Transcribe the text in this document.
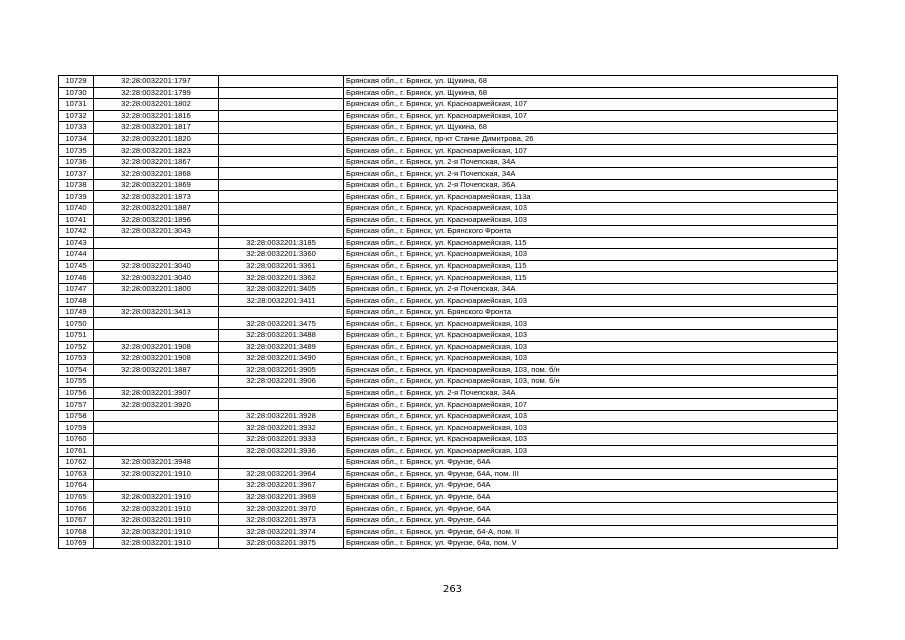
10729	32:28:0032201:1797		Брянская обл., г. Брянск, ул. Щукина, 68
10730	32:28:0032201:1799		Брянская обл., г. Брянск, ул. Щукина, 68
10731	32:28:0032201:1802		Брянская обл., г. Брянск, ул. Красноармейская, 107
10732	32:28:0032201:1816		Брянская обл., г. Брянск, ул. Красноармейская, 107
10733	32:28:0032201:1817		Брянская обл., г. Брянск, ул. Щукина, 68
10734	32:28:0032201:1820		Брянская обл., г. Брянск, пр-кт Станке Димитрова, 26
10735	32:28:0032201:1823		Брянская обл., г. Брянск, ул. Красноармейская, 107
10736	32:28:0032201:1867		Брянская обл., г. Брянск, ул. 2-я Почепская, 34А
10737	32:28:0032201:1868		Брянская обл., г. Брянск, ул. 2-я Почепская, 34А
10738	32:28:0032201:1869		Брянская обл., г. Брянск, ул. 2-я Почепская, 36А
10739	32:28:0032201:1873		Брянская обл., г. Брянск, ул. Красноармейская, 113а
10740	32:28:0032201:1887		Брянская обл., г. Брянск, ул. Красноармейская, 103
10741	32:28:0032201:1896		Брянская обл., г. Брянск, ул. Красноармейская, 103
10742	32:28:0032201:3043		Брянская обл., г. Брянск, ул. Брянского Фронта
10743		32:28:0032201:3185	Брянская обл., г. Брянск, ул. Красноармейская, 115
10744		32:28:0032201:3360	Брянская обл., г. Брянск, ул. Красноармейская, 103
10745	32:28:0032201:3040	32:28:0032201:3361	Брянская обл., г. Брянск, ул. Красноармейская, 115
10746	32:28:0032201:3040	32:28:0032201:3362	Брянская обл., г. Брянск, ул. Красноармейская, 115
10747	32:28:0032201:1800	32:28:0032201:3405	Брянская обл., г. Брянск, ул. 2-я Почепская, 34А
10748		32:28:0032201:3411	Брянская обл., г. Брянск, ул. Красноармейская, 103
10749	32:28:0032201:3413		Брянская обл., г. Брянск, ул. Брянского Фронта
10750		32:28:0032201:3475	Брянская обл., г. Брянск, ул. Красноармейская, 103
10751		32:28:0032201:3488	Брянская обл., г. Брянск, ул. Красноармейская, 103
10752	32:28:0032201:1908	32:28:0032201:3489	Брянская обл., г. Брянск, ул. Красноармейская, 103
10753	32:28:0032201:1908	32:28:0032201:3490	Брянская обл., г. Брянск, ул. Красноармейская, 103
10754	32:28:0032201:1887	32:28:0032201:3905	Брянская обл., г. Брянск, ул. Красноармейская, 103, пом. б/н
10755		32:28:0032201:3906	Брянская обл., г. Брянск, ул. Красноармейская, 103, пом. б/н
10756	32:28:0032201:3907		Брянская обл., г. Брянск, ул. 2-я Почепская, 34А
10757	32:28:0032201:3920		Брянская обл., г. Брянск, ул. Красноармейская, 107
10758		32:28:0032201:3928	Брянская обл., г. Брянск, ул. Красноармейская, 103
10759		32:28:0032201:3932	Брянская обл., г. Брянск, ул. Красноармейская, 103
10760		32:28:0032201:3933	Брянская обл., г. Брянск, ул. Красноармейская, 103
10761		32:28:0032201:3936	Брянская обл., г. Брянск, ул. Красноармейская, 103
10762	32:28:0032201:3948		Брянская обл., г. Брянск, ул. Фрунзе, 64А
10763	32:28:0032201:1910	32:28:0032201:3964	Брянская обл., г. Брянск, ул. Фрунзе, 64А, пом. III
10764		32:28:0032201:3967	Брянская обл., г. Брянск, ул. Фрунзе, 64А
10765	32:28:0032201:1910	32:28:0032201:3969	Брянская обл., г. Брянск, ул. Фрунзе, 64А
10766	32:28:0032201:1910	32:28:0032201:3970	Брянская обл., г. Брянск, ул. Фрунзе, 64А
10767	32:28:0032201:1910	32:28:0032201:3973	Брянская обл., г. Брянск, ул. Фрунзе, 64А
10768	32:28:0032201:1910	32:28:0032201:3974	Брянская обл., г. Брянск, ул. Фрунзе, 64-А, пом. II
10769	32:28:0032201:1910	32:28:0032201:3975	Брянская обл., г. Брянск, ул. Фрунзе, 64а, пом. V
263
